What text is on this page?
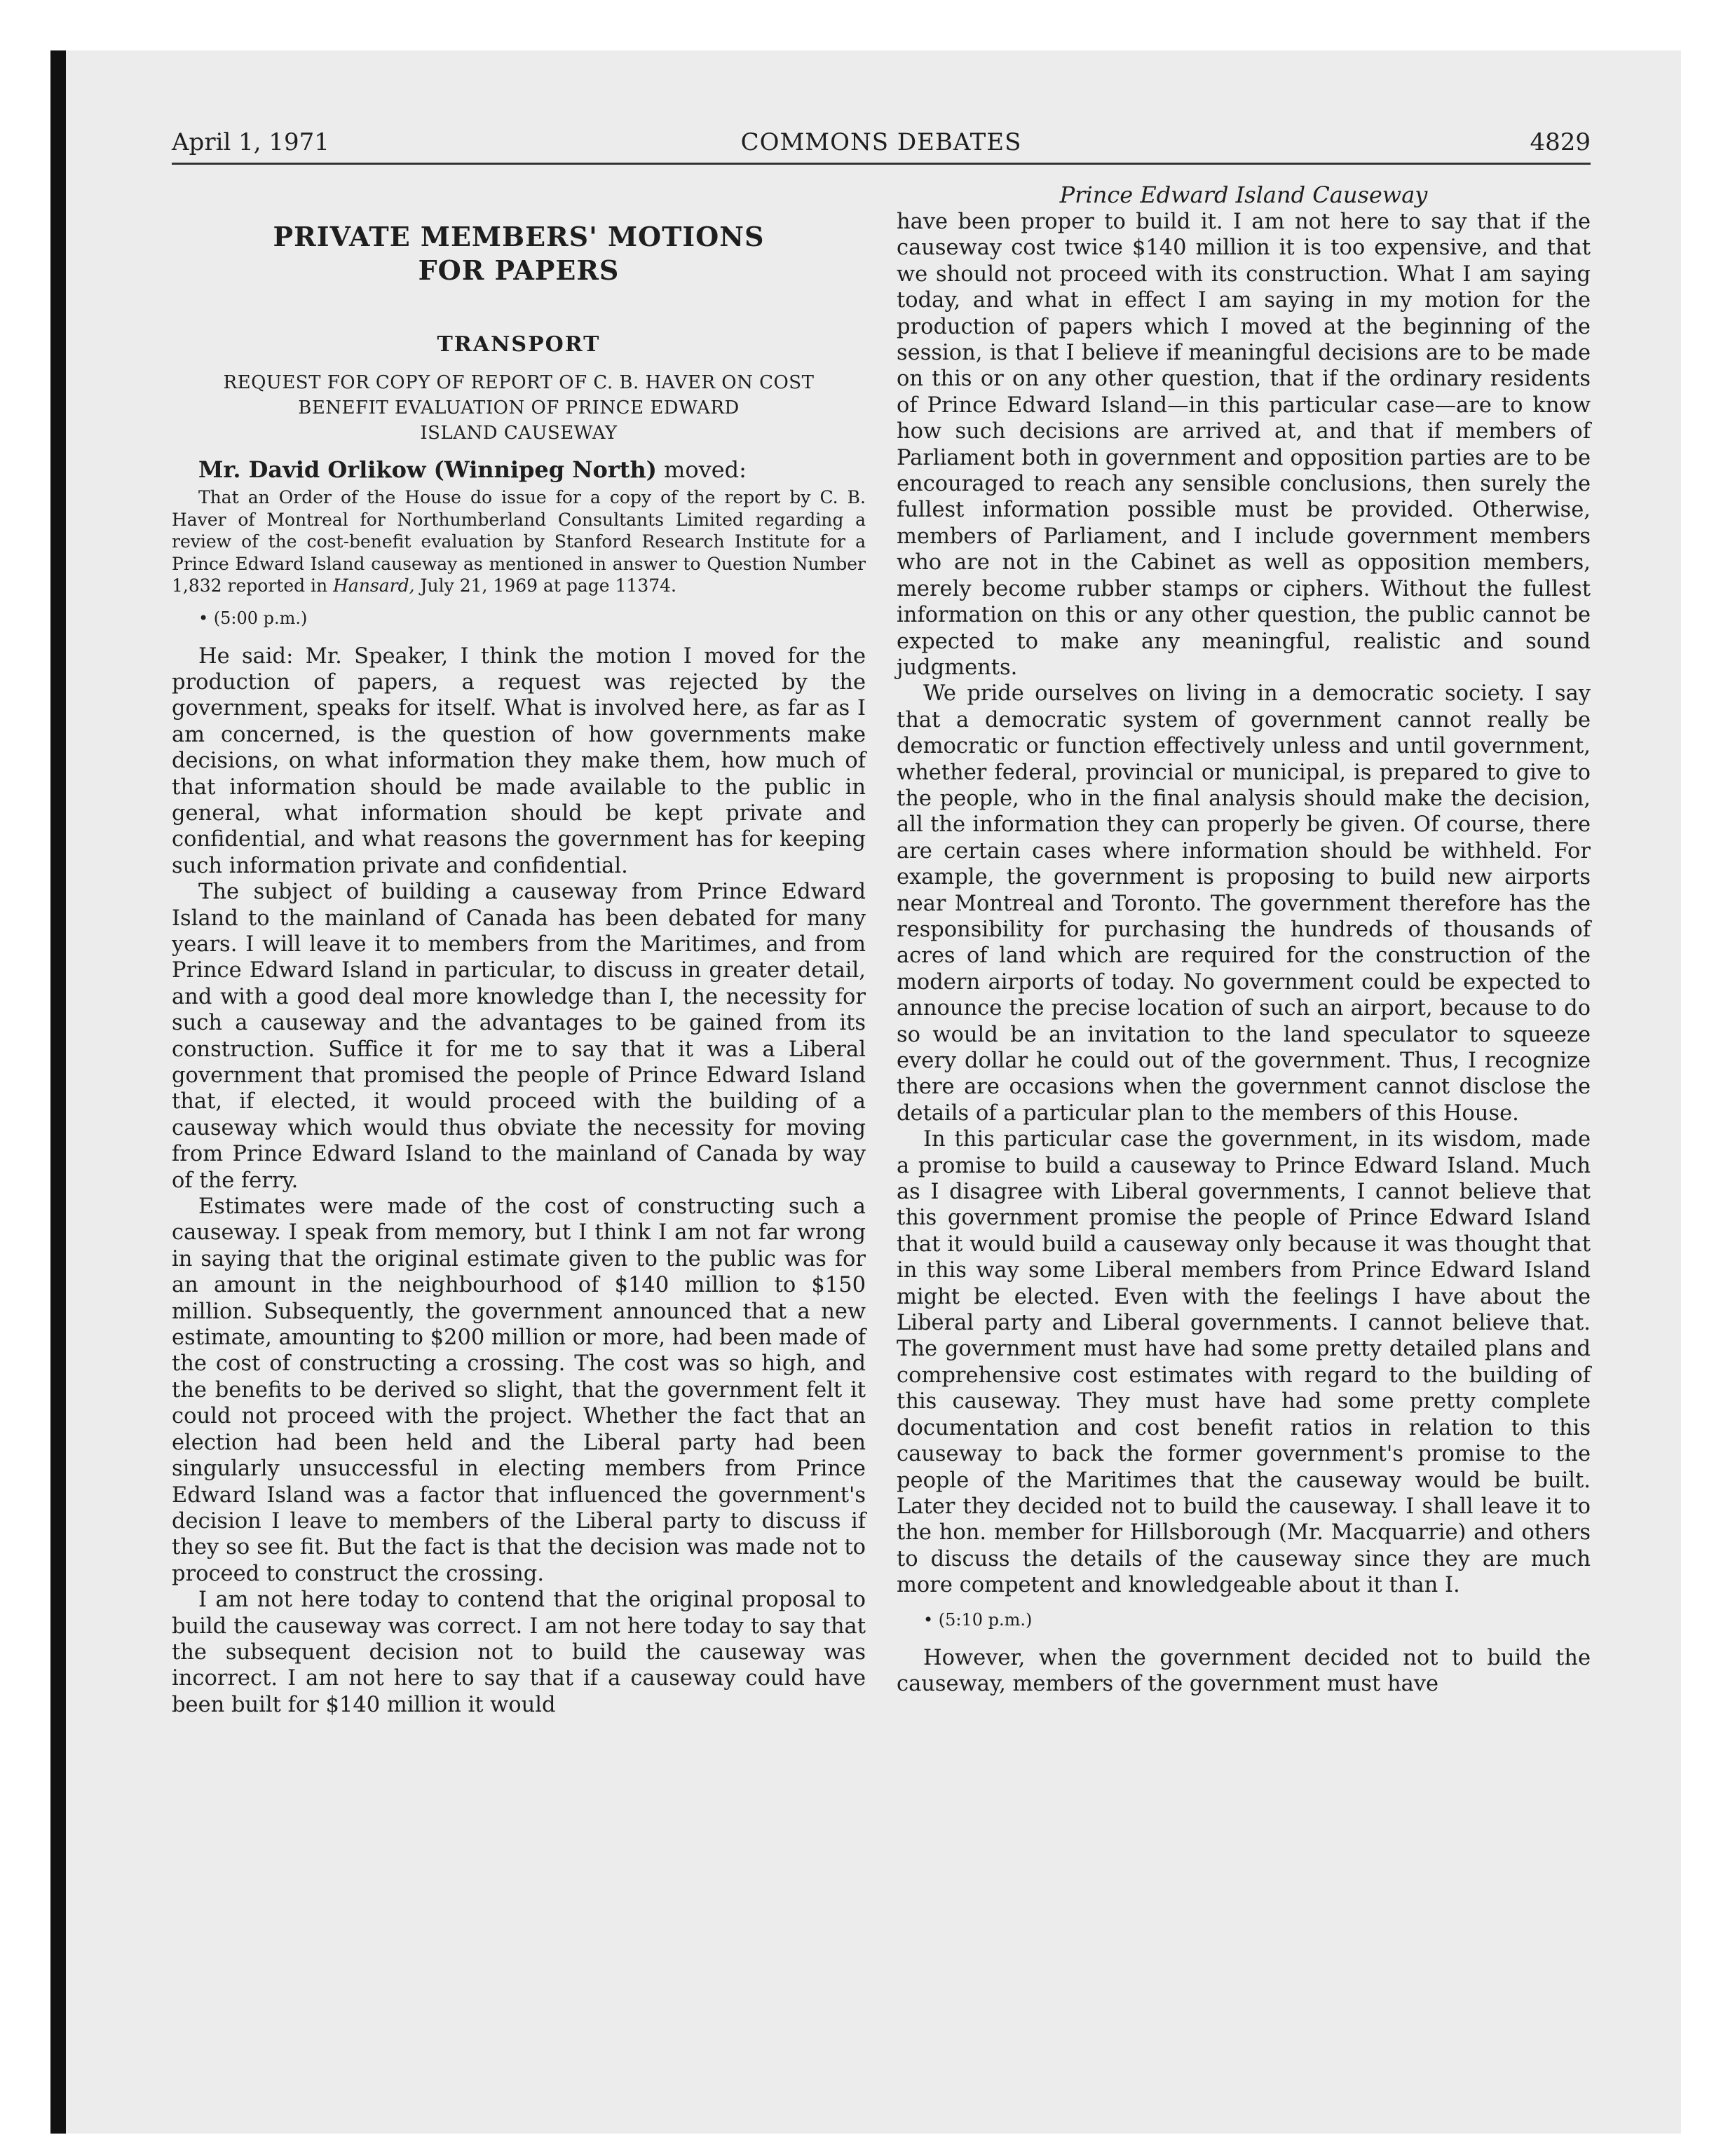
April 1, 1971	COMMONS DEBATES	4829
PRIVATE MEMBERS' MOTIONS
FOR PAPERS
TRANSPORT
REQUEST FOR COPY OF REPORT OF C. B. HAVER ON COST
BENEFIT EVALUATION OF PRINCE EDWARD
ISLAND CAUSEWAY

Mr. David Orlikow (Winnipeg North) moved:

That an Order of the House do issue for a copy of the report by C. B. Haver of Montreal for Northumberland Consultants Limited regarding a review of the cost-benefit evaluation by Stanford Research Institute for a Prince Edward Island causeway as mentioned in answer to Question Number 1,832 reported in Hansard, July 21, 1969 at page 11374.

• (5:00 p.m.)

He said: Mr. Speaker, I think the motion I moved for the production of papers, a request was rejected by the government, speaks for itself. What is involved here, as far as I am concerned, is the question of how governments make decisions, on what information they make them, how much of that information should be made available to the public in general, what information should be kept private and confidential, and what reasons the government has for keeping such information private and confidential.

The subject of building a causeway from Prince Edward Island to the mainland of Canada has been debated for many years. I will leave it to members from the Maritimes, and from Prince Edward Island in particular, to discuss in greater detail, and with a good deal more knowledge than I, the necessity for such a causeway and the advantages to be gained from its construction. Suffice it for me to say that it was a Liberal government that promised the people of Prince Edward Island that, if elected, it would proceed with the building of a causeway which would thus obviate the necessity for moving from Prince Edward Island to the mainland of Canada by way of the ferry.

Estimates were made of the cost of constructing such a causeway. I speak from memory, but I think I am not far wrong in saying that the original estimate given to the public was for an amount in the neighbourhood of $140 million to $150 million. Subsequently, the government announced that a new estimate, amounting to $200 million or more, had been made of the cost of constructing a crossing. The cost was so high, and the benefits to be derived so slight, that the government felt it could not proceed with the project. Whether the fact that an election had been held and the Liberal party had been singularly unsuccessful in electing members from Prince Edward Island was a factor that influenced the government's decision I leave to members of the Liberal party to discuss if they so see fit. But the fact is that the decision was made not to proceed to construct the crossing.

I am not here today to contend that the original proposal to build the causeway was correct. I am not here today to say that the subsequent decision not to build the causeway was incorrect. I am not here to say that if a causeway could have been built for $140 million it would

Prince Edward Island Causeway

have been proper to build it. I am not here to say that if the causeway cost twice $140 million it is too expensive, and that we should not proceed with its construction. What I am saying today, and what in effect I am saying in my motion for the production of papers which I moved at the beginning of the session, is that I believe if meaningful decisions are to be made on this or on any other question, that if the ordinary residents of Prince Edward Island—in this particular case—are to know how such decisions are arrived at, and that if members of Parliament both in government and opposition parties are to be encouraged to reach any sensible conclusions, then surely the fullest information possible must be provided. Otherwise, members of Parliament, and I include government members who are not in the Cabinet as well as opposition members, merely become rubber stamps or ciphers. Without the fullest information on this or any other question, the public cannot be expected to make any meaningful, realistic and sound judgments.

We pride ourselves on living in a democratic society. I say that a democratic system of government cannot really be democratic or function effectively unless and until government, whether federal, provincial or municipal, is prepared to give to the people, who in the final analysis should make the decision, all the information they can properly be given. Of course, there are certain cases where information should be withheld. For example, the government is proposing to build new airports near Montreal and Toronto. The government therefore has the responsibility for purchasing the hundreds of thousands of acres of land which are required for the construction of the modern airports of today. No government could be expected to announce the precise location of such an airport, because to do so would be an invitation to the land speculator to squeeze every dollar he could out of the government. Thus, I recognize there are occasions when the government cannot disclose the details of a particular plan to the members of this House.

In this particular case the government, in its wisdom, made a promise to build a causeway to Prince Edward Island. Much as I disagree with Liberal governments, I cannot believe that this government promise the people of Prince Edward Island that it would build a causeway only because it was thought that in this way some Liberal members from Prince Edward Island might be elected. Even with the feelings I have about the Liberal party and Liberal governments. I cannot believe that. The government must have had some pretty detailed plans and comprehensive cost estimates with regard to the building of this causeway. They must have had some pretty complete documentation and cost benefit ratios in relation to this causeway to back the former government's promise to the people of the Maritimes that the causeway would be built. Later they decided not to build the causeway. I shall leave it to the hon. member for Hillsborough (Mr. Macquarrie) and others to discuss the details of the causeway since they are much more competent and knowledgeable about it than I.

• (5:10 p.m.)

However, when the government decided not to build the causeway, members of the government must have
